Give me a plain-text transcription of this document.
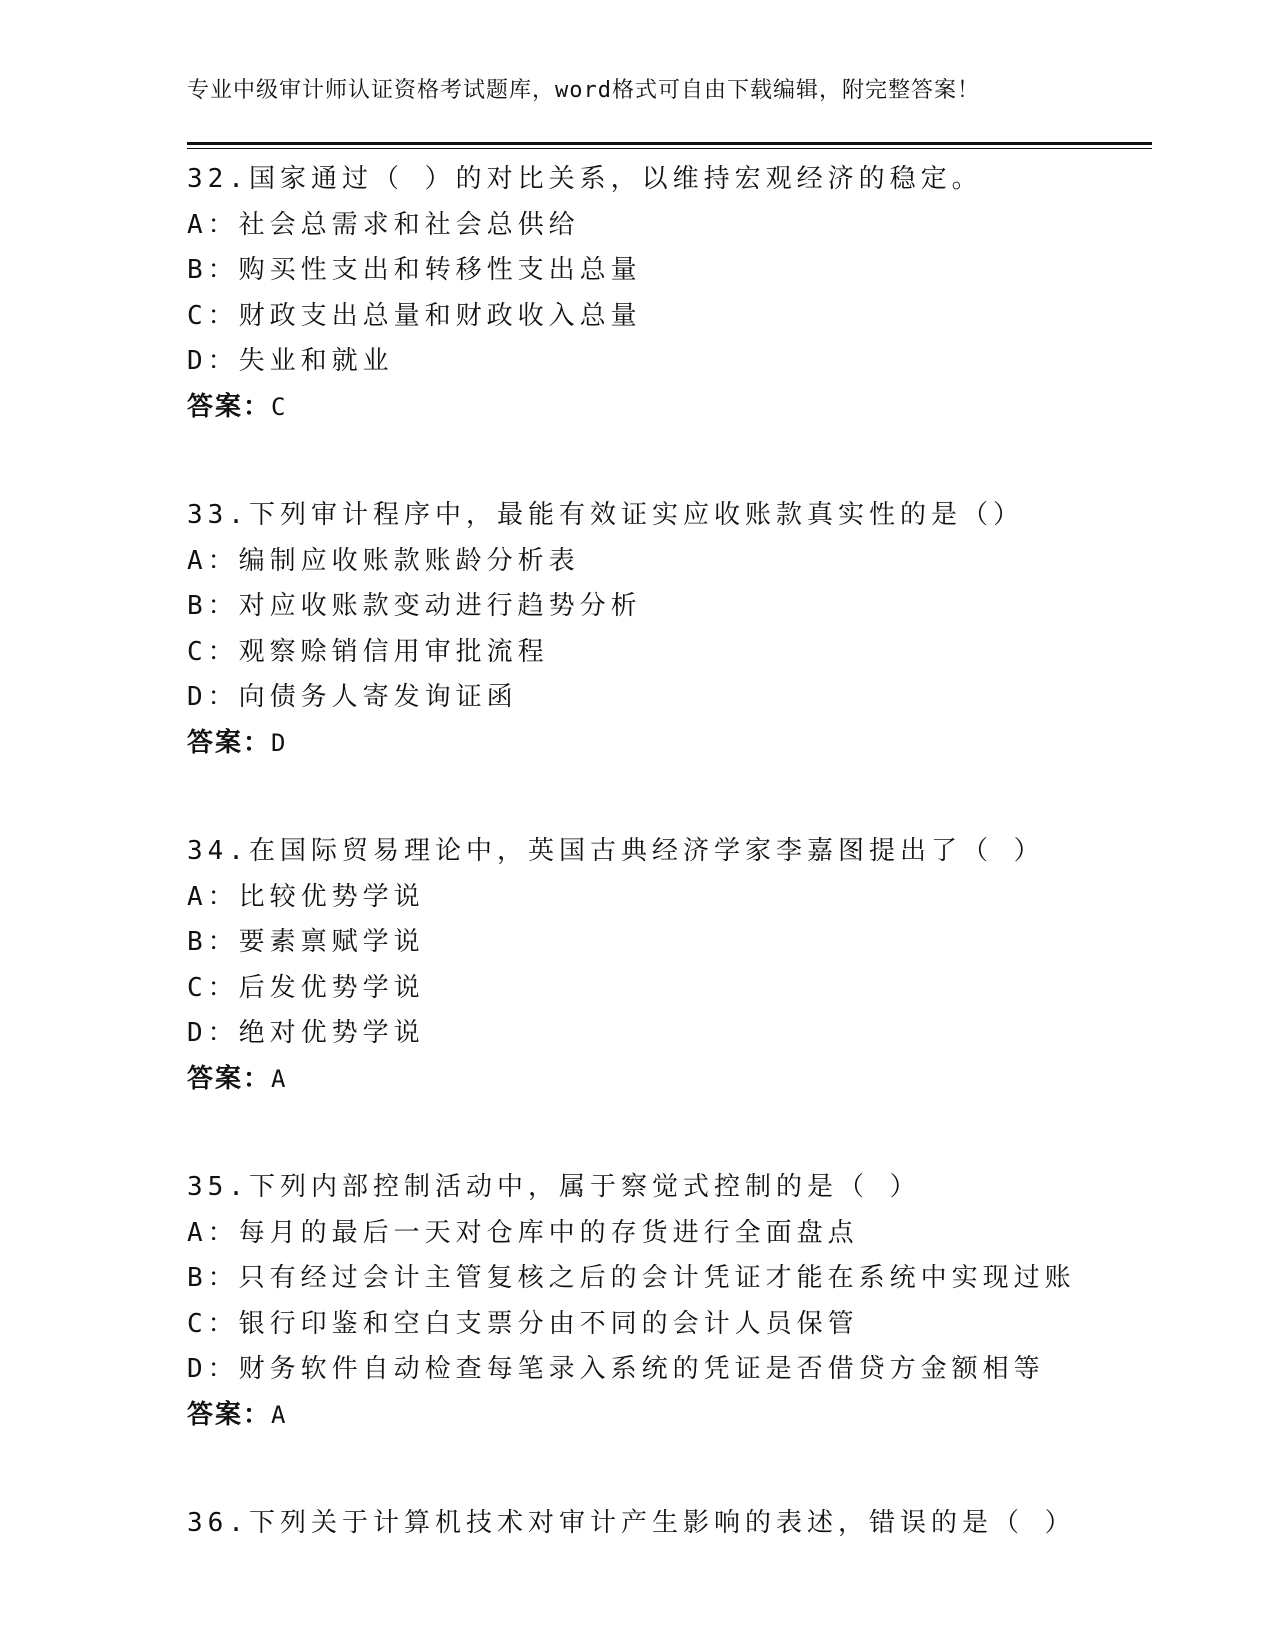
专业中级审计师认证资格考试题库，word格式可自由下载编辑，附完整答案！
32.国家通过（ ）的对比关系，以维持宏观经济的稳定。
A：社会总需求和社会总供给
B：购买性支出和转移性支出总量
C：财政支出总量和财政收入总量
D：失业和就业
答案：C
33.下列审计程序中，最能有效证实应收账款真实性的是（）
A：编制应收账款账龄分析表
B：对应收账款变动进行趋势分析
C：观察赊销信用审批流程
D：向债务人寄发询证函
答案：D
34.在国际贸易理论中，英国古典经济学家李嘉图提出了（ ）
A：比较优势学说
B：要素禀赋学说
C：后发优势学说
D：绝对优势学说
答案：A
35.下列内部控制活动中，属于察觉式控制的是（ ）
A：每月的最后一天对仓库中的存货进行全面盘点
B：只有经过会计主管复核之后的会计凭证才能在系统中实现过账
C：银行印鉴和空白支票分由不同的会计人员保管
D：财务软件自动检查每笔录入系统的凭证是否借贷方金额相等
答案：A
36.下列关于计算机技术对审计产生影响的表述，错误的是（ ）
